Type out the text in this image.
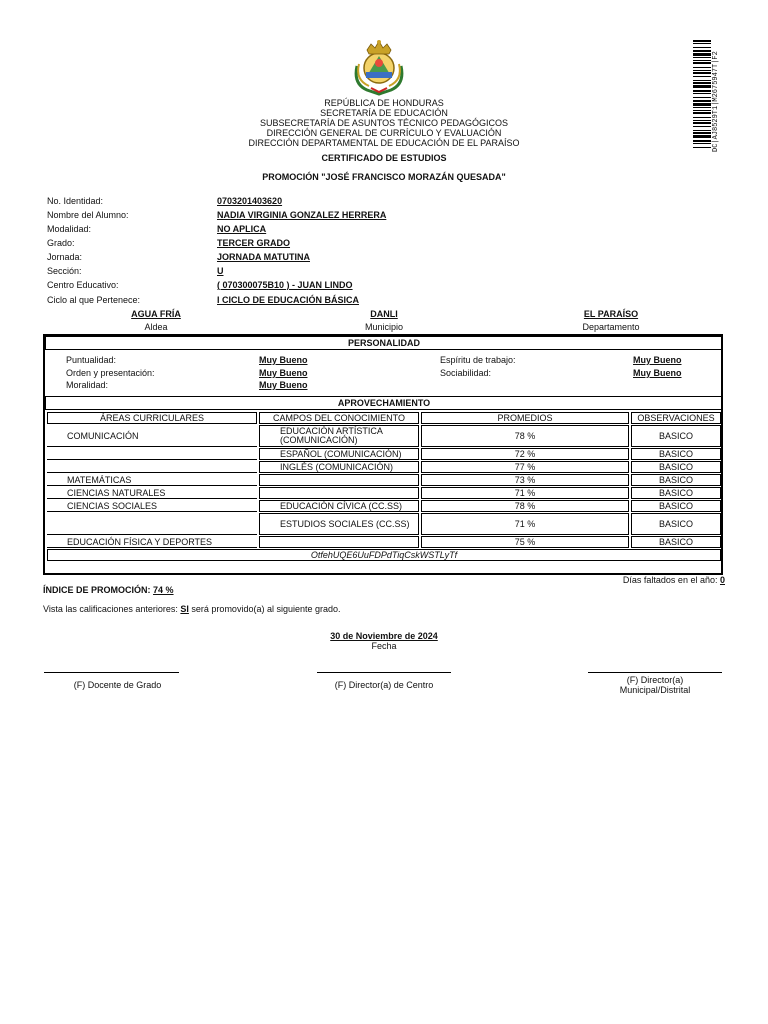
DC|AJ8529T1|M2675947T|F2
REPÚBLICA DE HONDURAS
SECRETARÍA DE EDUCACIÓN
SUBSECRETARÍA DE ASUNTOS TÉCNICO PEDAGÓGICOS
DIRECCIÓN GENERAL DE CURRÍCULO Y EVALUACIÓN
DIRECCIÓN DEPARTAMENTAL DE EDUCACIÓN DE EL PARAÍSO
CERTIFICADO DE ESTUDIOS
PROMOCIÓN "JOSÉ FRANCISCO MORAZÁN QUESADA"
No. Identidad:	0703201403620
Nombre del Alumno:	NADIA VIRGINIA GONZALEZ HERRERA
Modalidad:	NO APLICA
Grado:	TERCER GRADO
Jornada:	JORNADA MATUTINA
Sección:	U
Centro Educativo:	( 070300075B10 ) - JUAN LINDO
Ciclo al que Pertenece:	I CICLO DE EDUCACIÓN BÁSICA
AGUA FRÍA
Aldea
DANLI
Municipio
EL PARAÍSO
Departamento
PERSONALIDAD
Puntualidad:	Muy Bueno
Orden y presentación:	Muy Bueno
Moralidad:	Muy Bueno
Espíritu de trabajo:	Muy Bueno
Sociabilidad:	Muy Bueno
APROVECHAMIENTO
ÁREAS CURRICULARES	CAMPOS DEL CONOCIMIENTO	PROMEDIOS	OBSERVACIONES
COMUNICACIÓN	EDUCACIÓN ARTÍSTICA (COMUNICACIÓN)	78 %	BASICO
	ESPAÑOL (COMUNICACIÓN)	72 %	BASICO
	INGLÉS (COMUNICACIÓN)	77 %	BASICO
MATEMÁTICAS		73 %	BASICO
CIENCIAS NATURALES		71 %	BASICO
CIENCIAS SOCIALES	EDUCACIÓN CÍVICA (CC.SS)	78 %	BASICO
	ESTUDIOS SOCIALES (CC.SS)	71 %	BASICO
EDUCACIÓN FÍSICA Y DEPORTES		75 %	BASICO
OtfehUQE6UuFDPdTiqCskWSTLyTf			
Días faltados en el año: 0
ÍNDICE DE PROMOCIÓN: 74 %
Vista las calificaciones anteriores: SI será promovido(a) al siguiente grado.
30 de Noviembre de 2024
Fecha
(F) Docente de Grado	(F) Director(a) de Centro	(F) Director(a) Municipal/Distrital
